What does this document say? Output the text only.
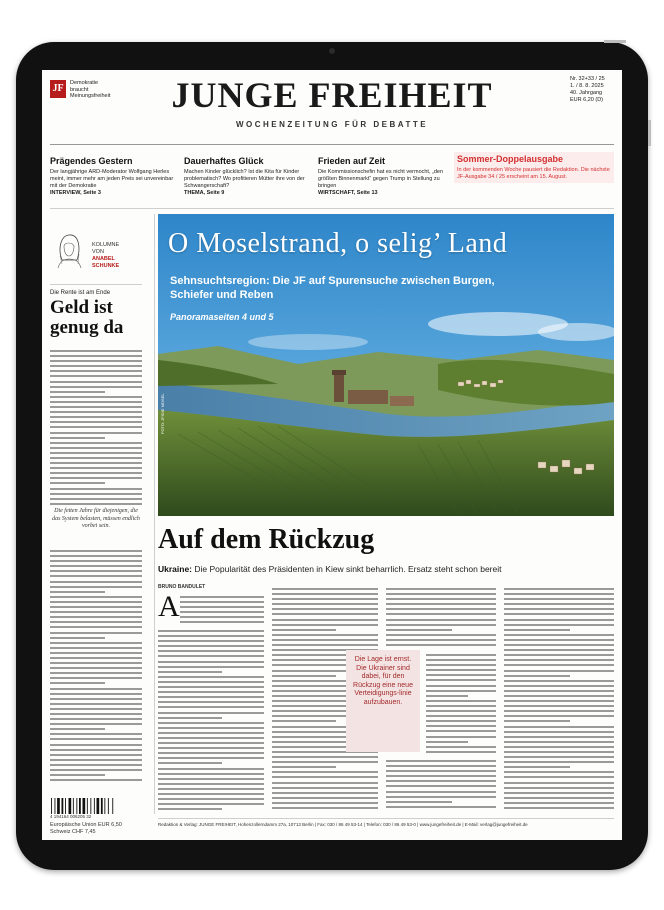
JF	Demokratie
braucht
Meinungsfreiheit	JUNGE FREIHEIT
WOCHENZEITUNG FÜR DEBATTE
Nr. 32+33 / 25
1. / 8. 8. 2025
40. Jahrgang
EUR 6,20 (D)
Prägendes Gestern
Der langjährige ARD-Moderator Wolfgang Herles meint, immer mehr am jeden Preis sei unvereinbar mit der Demokratie
INTERVIEW, Seite 3
Dauerhaftes Glück
Machen Kinder glücklich? Ist die Kita für Kinder problematisch? Wo profitieren Mütter ihre von der Schwangerschaft?
THEMA, Seite 9
Frieden auf Zeit
Die Kommissionschefin hat es nicht vermocht, „den größten Binnenmarkt“ gegen Trump in Stellung zu bringen
WIRTSCHAFT, Seite 13
Sommer-Doppelausgabe
In der kommenden Woche pausiert die Redaktion. Die nächste JF-Ausgabe 34 / 25 erscheint am 15. August.
KOLUMNE
VON
ANABEL
SCHUNKE
Die Rente ist am Ende
Geld ist genug da
Die fetten Jahre für diejenigen, die das System belasten, müssen endlich vorbei sein.
4 194164 006205 32
Europäische Union EUR 6,50
Schweiz CHF 7,45
O Moselstrand, o selig’ Land
Sehnsuchtsregion: Die JF auf Spurensuche zwischen Burgen, Schiefer und Reben
Panoramaseiten 4 und 5
FOTO: JF/DIE MOSEL
Auf dem Rückzug
Ukraine: Die Popularität des Präsidenten in Kiew sinkt beharrlich. Ersatz steht schon bereit
BRUNO BANDULET
A
Die Lage ist ernst. Die Ukrainer sind dabei, für den Rückzug eine neue Verteidigungs-linie aufzubauen.
Redaktion & Verlag: JUNGE FREIHEIT, Hohenzollerndamm 27a, 10713 Berlin | Fax: 030 / 86 49 53-14 | Telefon: 030 / 86 49 53-0 | www.jungefreiheit.de | E-Mail: verlag@jungefreiheit.de
